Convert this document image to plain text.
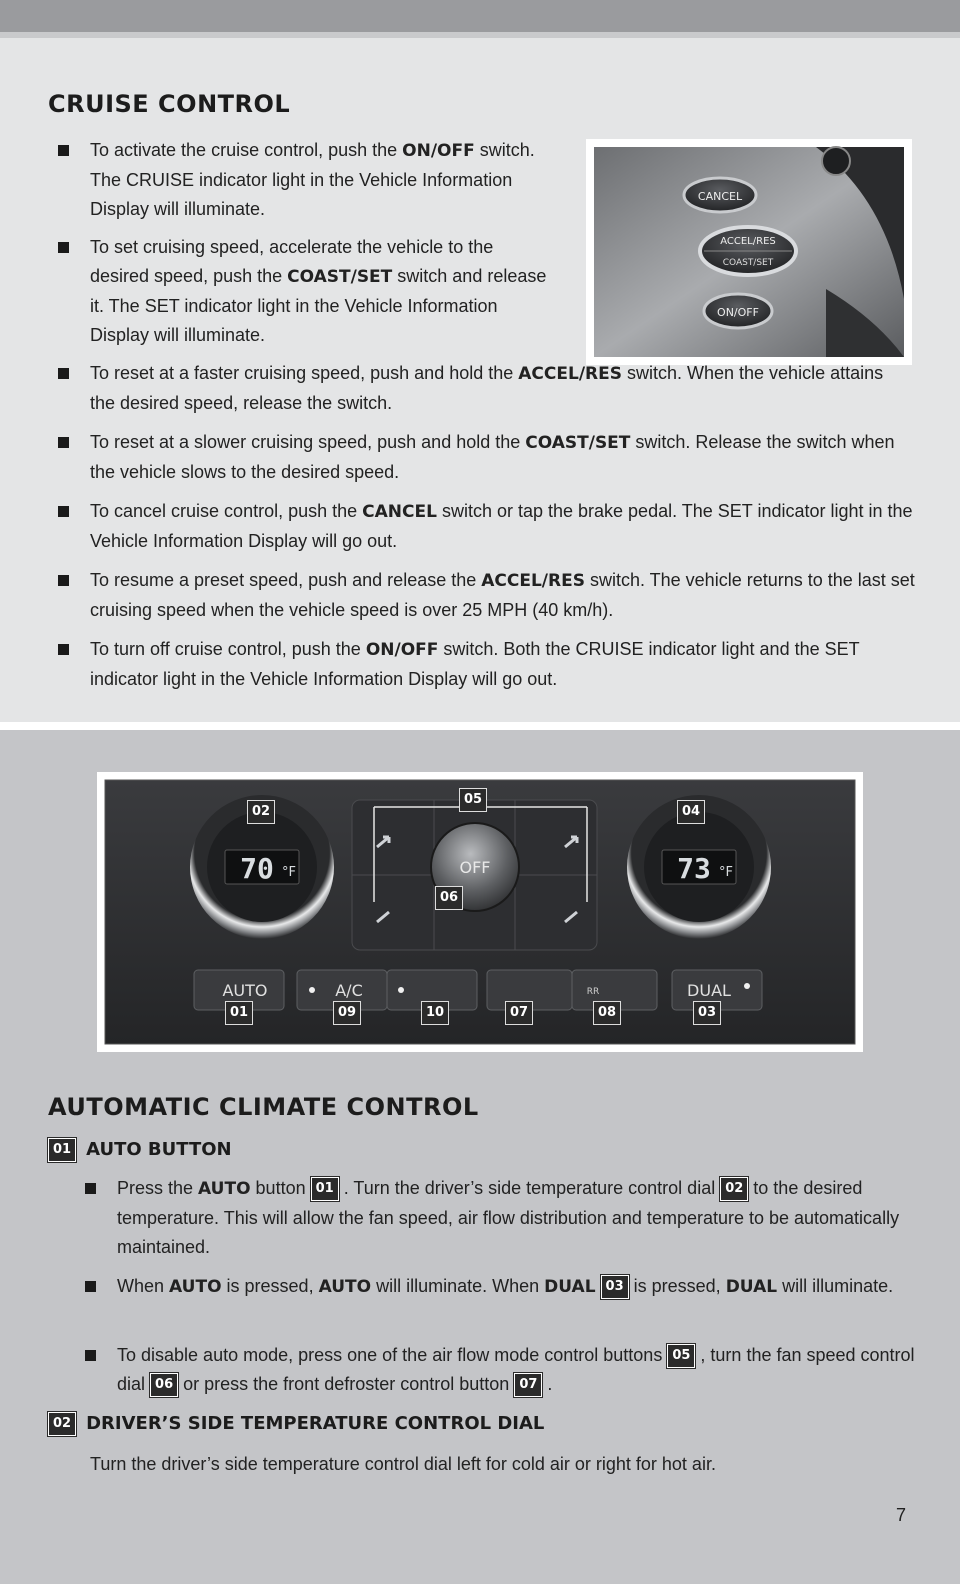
CRUISE CONTROL
CANCEL
ACCEL/RES
COAST/SET
ON/OFF
To activate the cruise control, push the ON/OFF switch. The CRUISE indicator light in the Vehicle Information Display will illuminate.
To set cruising speed, accelerate the vehicle to the desired speed, push the COAST/SET switch and release it. The SET indicator light in the Vehicle Information Display will illuminate.
To reset at a faster cruising speed, push and hold the ACCEL/RES switch. When the vehicle attains the desired speed, release the switch.
To reset at a slower cruising speed, push and hold the COAST/SET switch. Release the switch when the vehicle slows to the desired speed.
To cancel cruise control, push the CANCEL switch or tap the brake pedal. The SET indicator light in the Vehicle Information Display will go out.
To resume a preset speed, push and release the ACCEL/RES switch. The vehicle returns to the last set cruising speed when the vehicle speed is over 25 MPH (40 km/h).
To turn off cruise control, push the ON/OFF switch. Both the CRUISE indicator light and the SET indicator light in the Vehicle Information Display will go out.
70 °F	73 °F
OFF
AUTO	A/C	RR	DUAL
02
05
04
06
01	09	10	07	08	03
AUTOMATIC CLIMATE CONTROL
01 AUTO BUTTON
Press the AUTO button 01 . Turn the driver’s side temperature control dial 02 to the desired temperature. This will allow the fan speed, air flow distribution and temperature to be automatically maintained.
When AUTO is pressed, AUTO will illuminate. When DUAL 03 is pressed, DUAL will illuminate.
To disable auto mode, press one of the air flow mode control buttons 05 , turn the fan speed control dial 06 or press the front defroster control button 07 .
02 DRIVER’S SIDE TEMPERATURE CONTROL DIAL
Turn the driver’s side temperature control dial left for cold air or right for hot air.
7
